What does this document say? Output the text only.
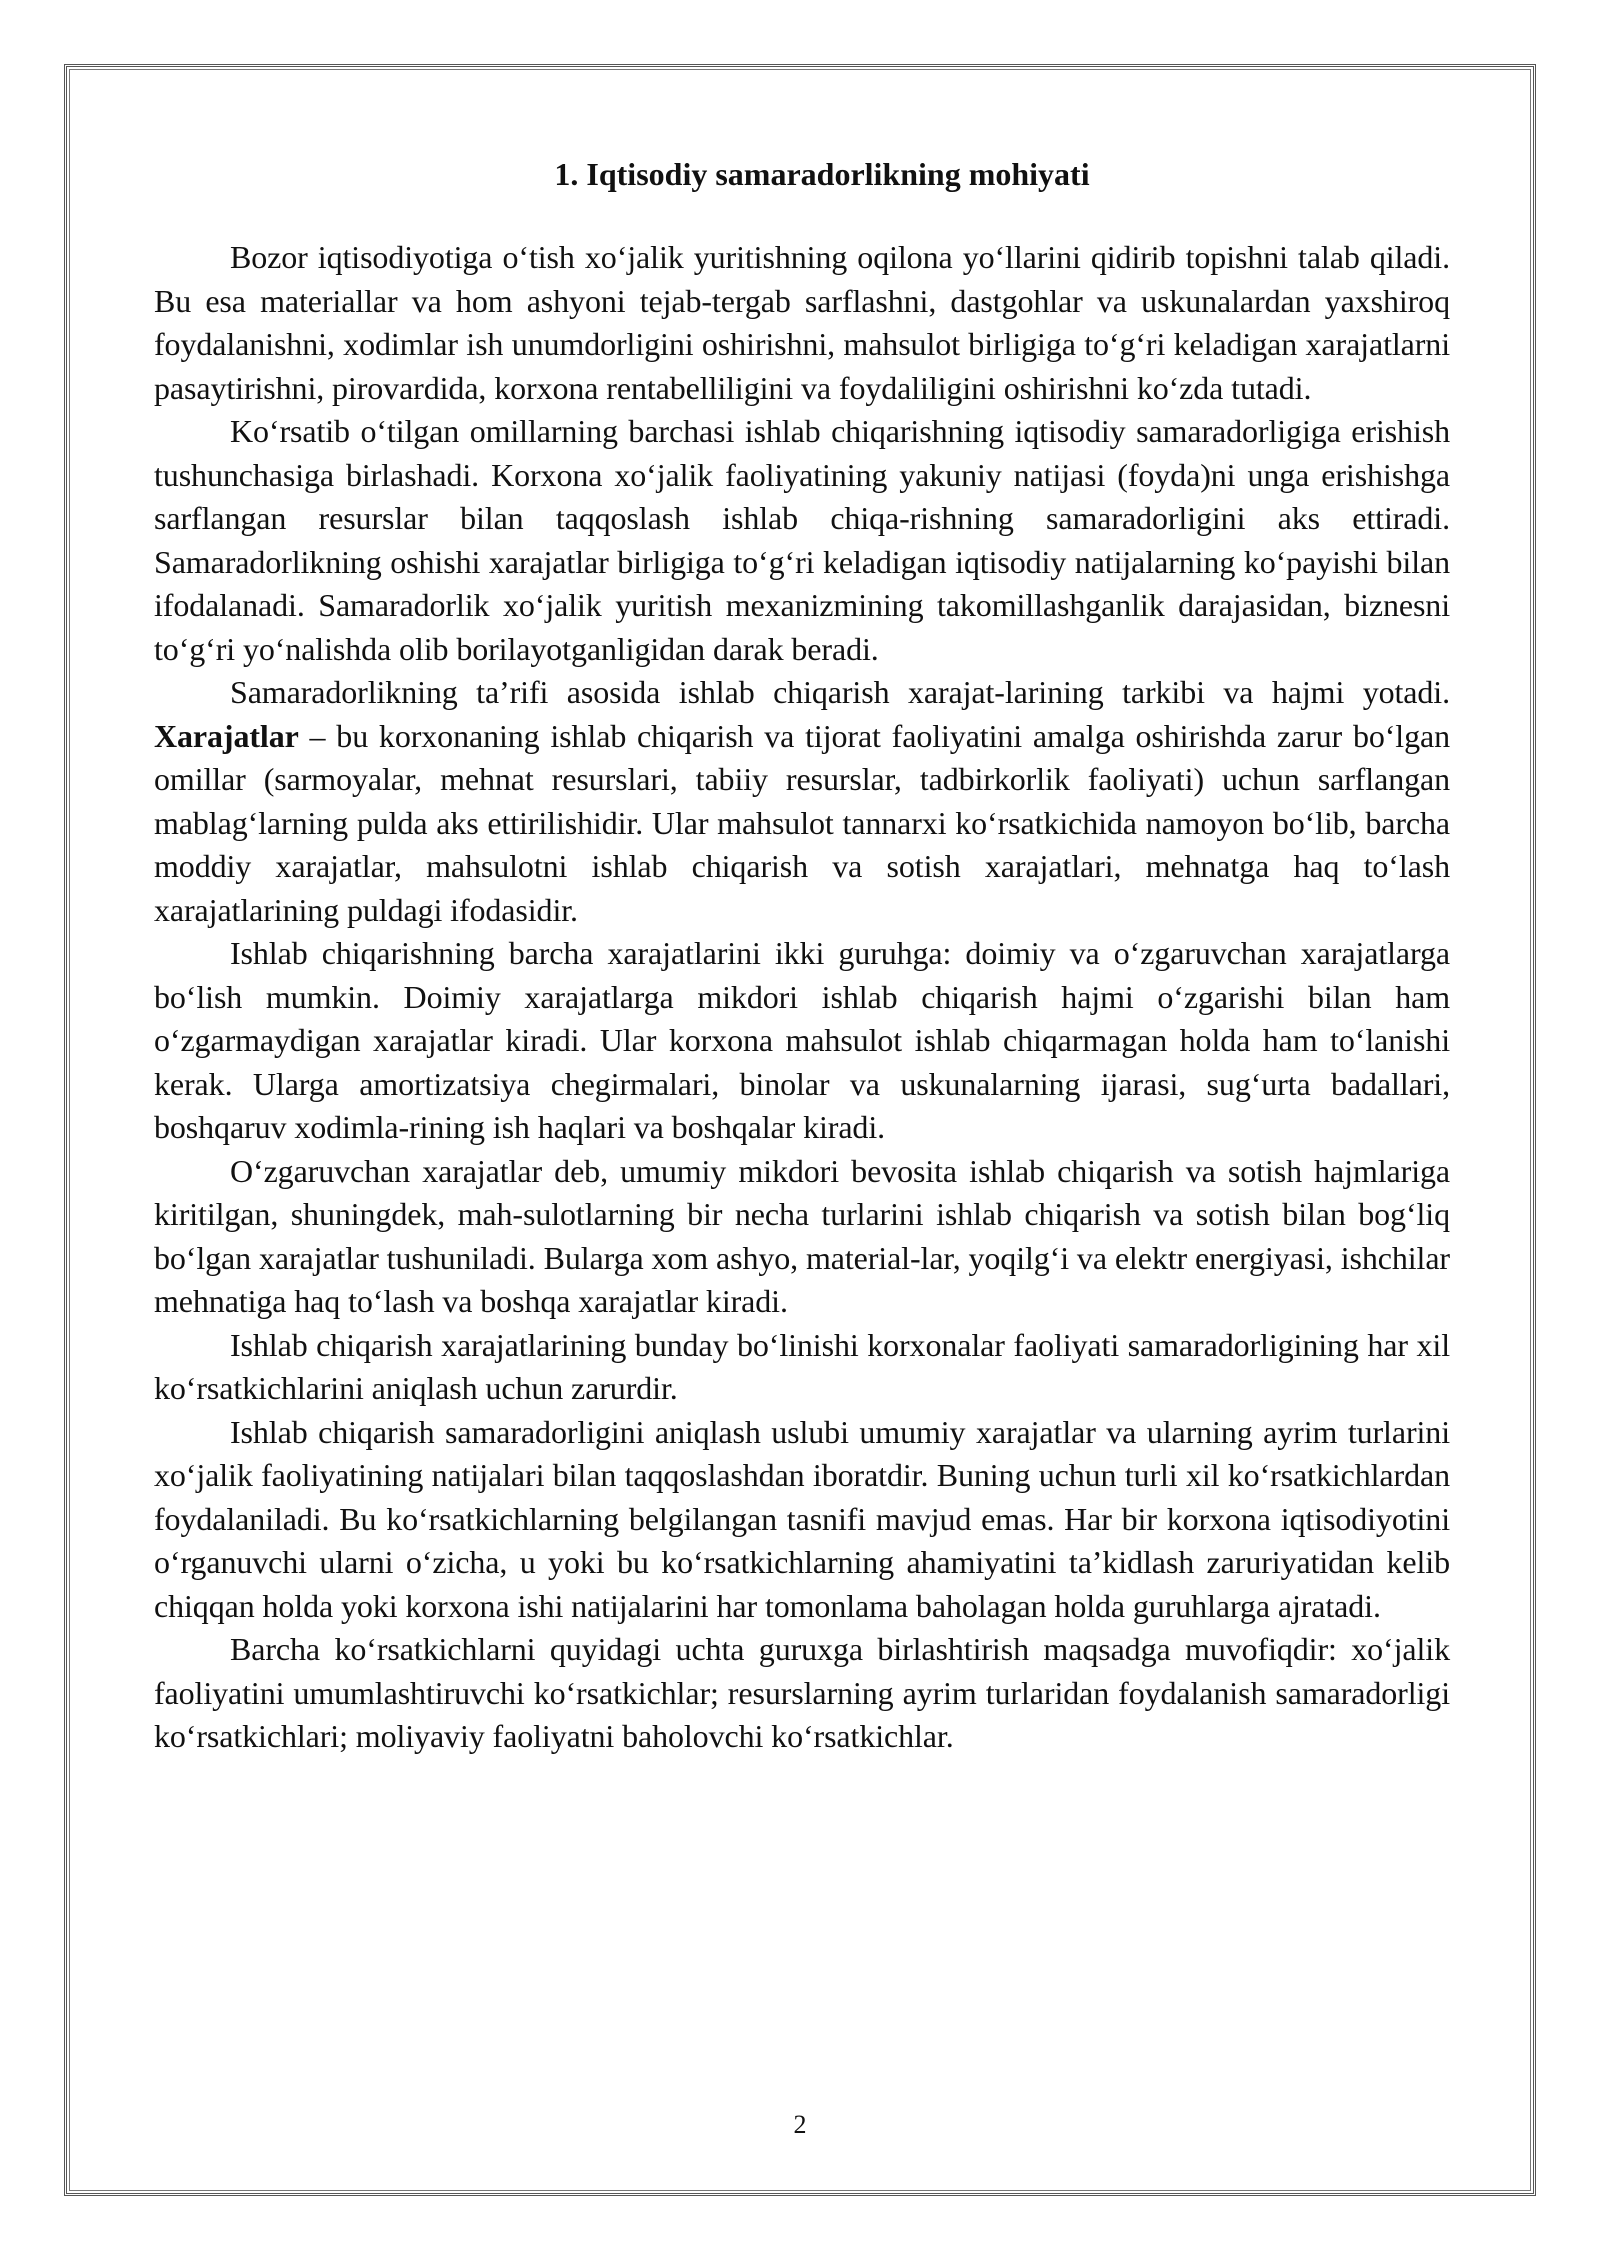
1. Iqtisodiy samaradorlikning mohiyati

Bozor iqtisodiyotiga o‘tish xo‘jalik yuritishning oqilona yo‘llarini qidirib topishni talab qiladi. Bu esa materiallar va hom ashyoni tejab-tergab sarflashni, dastgohlar va uskunalardan yaxshiroq foydalanishni, xodimlar ish unumdorligini oshirishni, mahsulot birligiga to‘g‘ri keladigan xarajatlarni pasaytirishni, pirovardida, korxona rentabelliligini va foydaliligini oshirishni ko‘zda tutadi.

Ko‘rsatib o‘tilgan omillarning barchasi ishlab chiqarishning iqtisodiy samaradorligiga erishish tushunchasiga birlashadi. Korxona xo‘jalik faoliyatining yakuniy natijasi (foyda)ni unga erishishga sarflangan resurslar bilan taqqoslash ishlab chiqa-rishning samaradorligini aks ettiradi. Samaradorlikning oshishi xarajatlar birligiga to‘g‘ri keladigan iqtisodiy natijalarning ko‘payishi bilan ifodalanadi. Samaradorlik xo‘jalik yuritish mexanizmining takomillashganlik darajasidan, biznesni to‘g‘ri yo‘nalishda olib borilayotganligidan darak beradi.

Samaradorlikning ta’rifi asosida ishlab chiqarish xarajat-larining tarkibi va hajmi yotadi. Xarajatlar – bu korxonaning ishlab chiqarish va tijorat faoliyatini amalga oshirishda zarur bo‘lgan omillar (sarmoyalar, mehnat resurslari, tabiiy resurslar, tadbirkorlik faoliyati) uchun sarflangan mablag‘larning pulda aks ettirilishidir. Ular mahsulot tannarxi ko‘rsatkichida namoyon bo‘lib, barcha moddiy xarajatlar, mahsulotni ishlab chiqarish va sotish xarajatlari, mehnatga haq to‘lash xarajatlarining puldagi ifodasidir.

Ishlab chiqarishning barcha xarajatlarini ikki guruhga: doimiy va o‘zgaruvchan xarajatlarga bo‘lish mumkin. Doimiy xarajatlarga mikdori ishlab chiqarish hajmi o‘zgarishi bilan ham o‘zgarmaydigan xarajatlar kiradi. Ular korxona mahsulot ishlab chiqarmagan holda ham to‘lanishi kerak. Ularga amortizatsiya chegirmalari, binolar va uskunalarning ijarasi, sug‘urta badallari, boshqaruv xodimla-rining ish haqlari va boshqalar kiradi.

O‘zgaruvchan xarajatlar deb, umumiy mikdori bevosita ishlab chiqarish va sotish hajmlariga kiritilgan, shuningdek, mah-sulotlarning bir necha turlarini ishlab chiqarish va sotish bilan bog‘liq bo‘lgan xarajatlar tushuniladi. Bularga xom ashyo, material-lar, yoqilg‘i va elektr energiyasi, ishchilar mehnatiga haq to‘lash va boshqa xarajatlar kiradi.

Ishlab chiqarish xarajatlarining bunday bo‘linishi korxonalar faoliyati samaradorligining har xil ko‘rsatkichlarini aniqlash uchun zarurdir.

Ishlab chiqarish samaradorligini aniqlash uslubi umumiy xarajatlar va ularning ayrim turlarini xo‘jalik faoliyatining natijalari bilan taqqoslashdan iboratdir. Buning uchun turli xil ko‘rsatkichlardan foydalaniladi. Bu ko‘rsatkichlarning belgilangan tasnifi mavjud emas. Har bir korxona iqtisodiyotini o‘rganuvchi ularni o‘zicha, u yoki bu ko‘rsatkichlarning ahamiyatini ta’kidlash zaruriyatidan kelib chiqqan holda yoki korxona ishi natijalarini har tomonlama baholagan holda guruhlarga ajratadi.

Barcha ko‘rsatkichlarni quyidagi uchta guruxga birlashtirish maqsadga muvofiqdir: xo‘jalik faoliyatini umumlashtiruvchi ko‘rsatkichlar; resurslarning ayrim turlaridan foydalanish samaradorligi ko‘rsatkichlari; moliyaviy faoliyatni baholovchi ko‘rsatkichlar.

2
